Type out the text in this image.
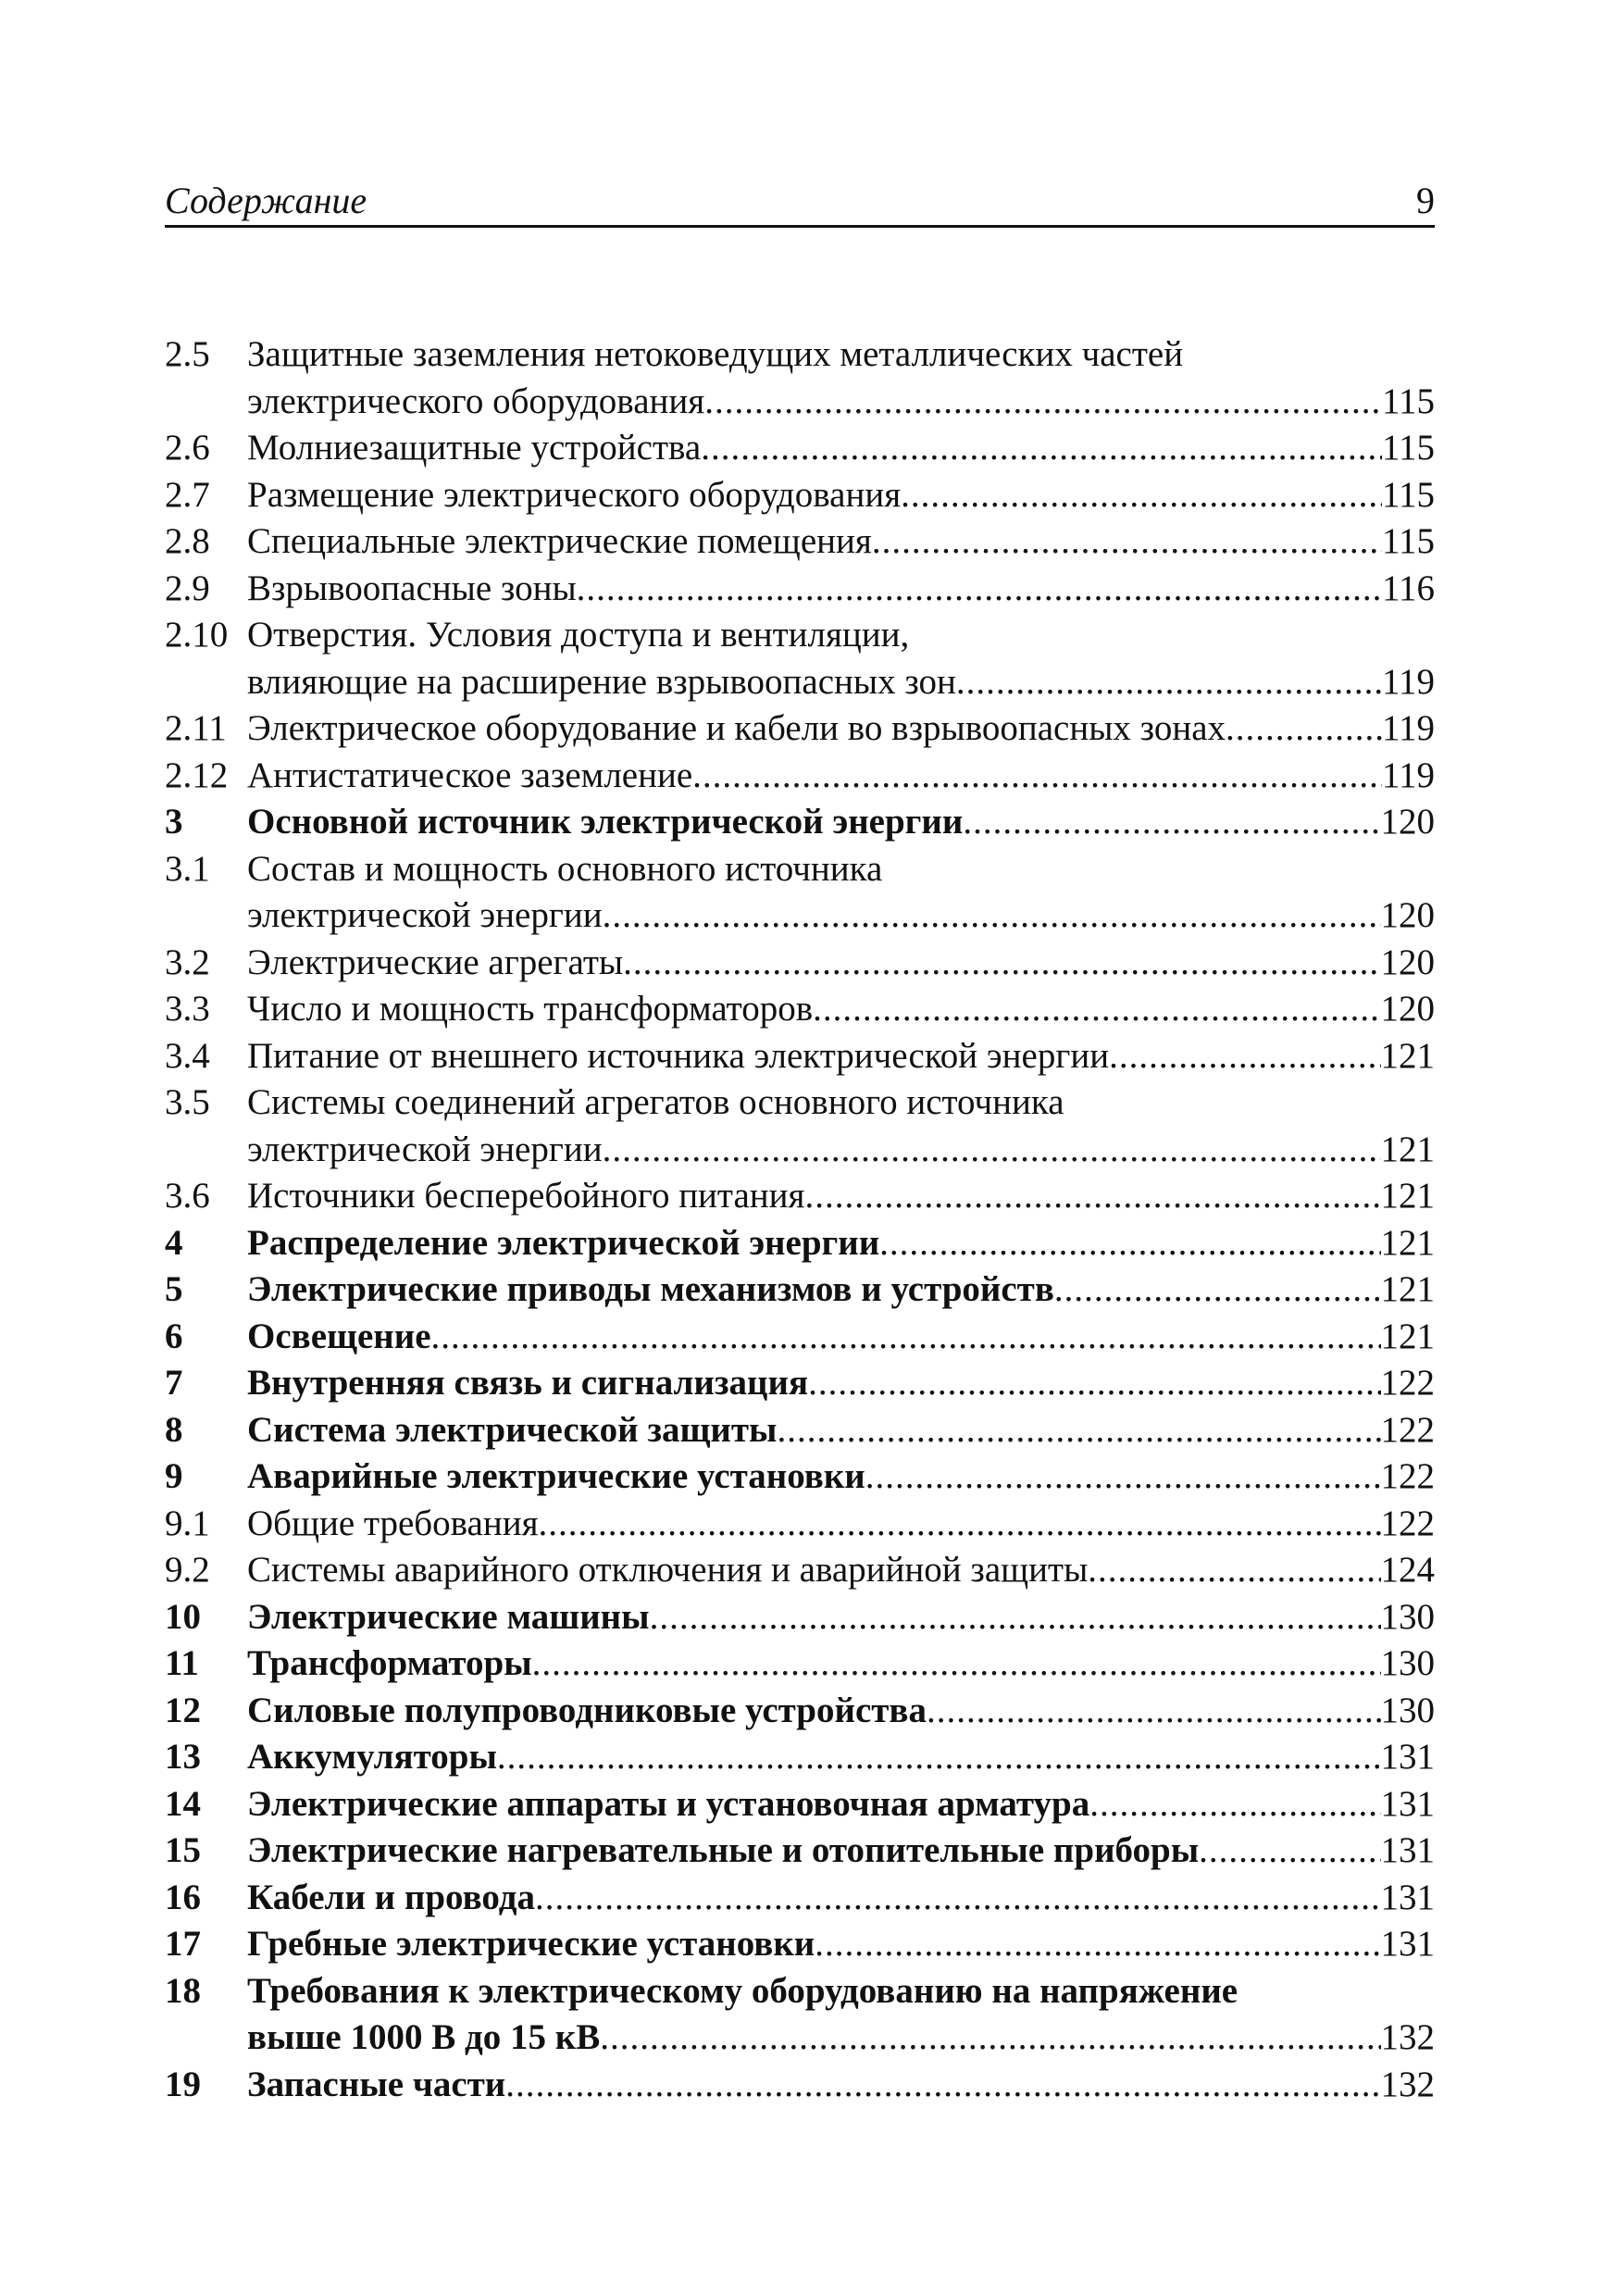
Содержание	9
2.5	Защитные заземления нетоковедущих металлических частей
электрического оборудования .....	115
2.6	Молниезащитные устройства .....	115
2.7	Размещение электрического оборудования .....	115
2.8	Специальные электрические помещения .....	115
2.9	Взрывоопасные зоны .....	116
2.10 Отверстия. Условия доступа и вентиляции,
влияющие на расширение взрывоопасных зон .....	119
2.11 Электрическое оборудование и кабели во взрывоопасных зонах .....	119
2.12 Антистатическое заземление .....	119
3	Основной источник электрической энергии .....	120
3.1	Состав и мощность основного источника
электрической энергии .....	120
3.2	Электрические агрегаты .....	120
3.3	Число и мощность трансформаторов .....	120
3.4	Питание от внешнего источника электрической энергии .....	121
3.5	Системы соединений агрегатов основного источника
электрической энергии .....	121
3.6	Источники бесперебойного питания .....	121
4	Распределение электрической энергии .....	121
5	Электрические приводы механизмов и устройств .....	121
6	Освещение .....	121
7	Внутренняя связь и сигнализация .....	122
8	Система электрической защиты .....	122
9	Аварийные электрические установки .....	122
9.1	Общие требования .....	122
9.2	Системы аварийного отключения и аварийной защиты .....	124
10	Электрические машины .....	130
11	Трансформаторы .....	130
12	Силовые полупроводниковые устройства .....	130
13	Аккумуляторы .....	131
14	Электрические аппараты и установочная арматура .....	131
15	Электрические нагревательные и отопительные приборы .....	131
16	Кабели и провода .....	131
17	Гребные электрические установки .....	131
18	Требования к электрическому оборудованию на напряжение
выше 1000 В до 15 кВ .....	132
19	Запасные части .....	132
